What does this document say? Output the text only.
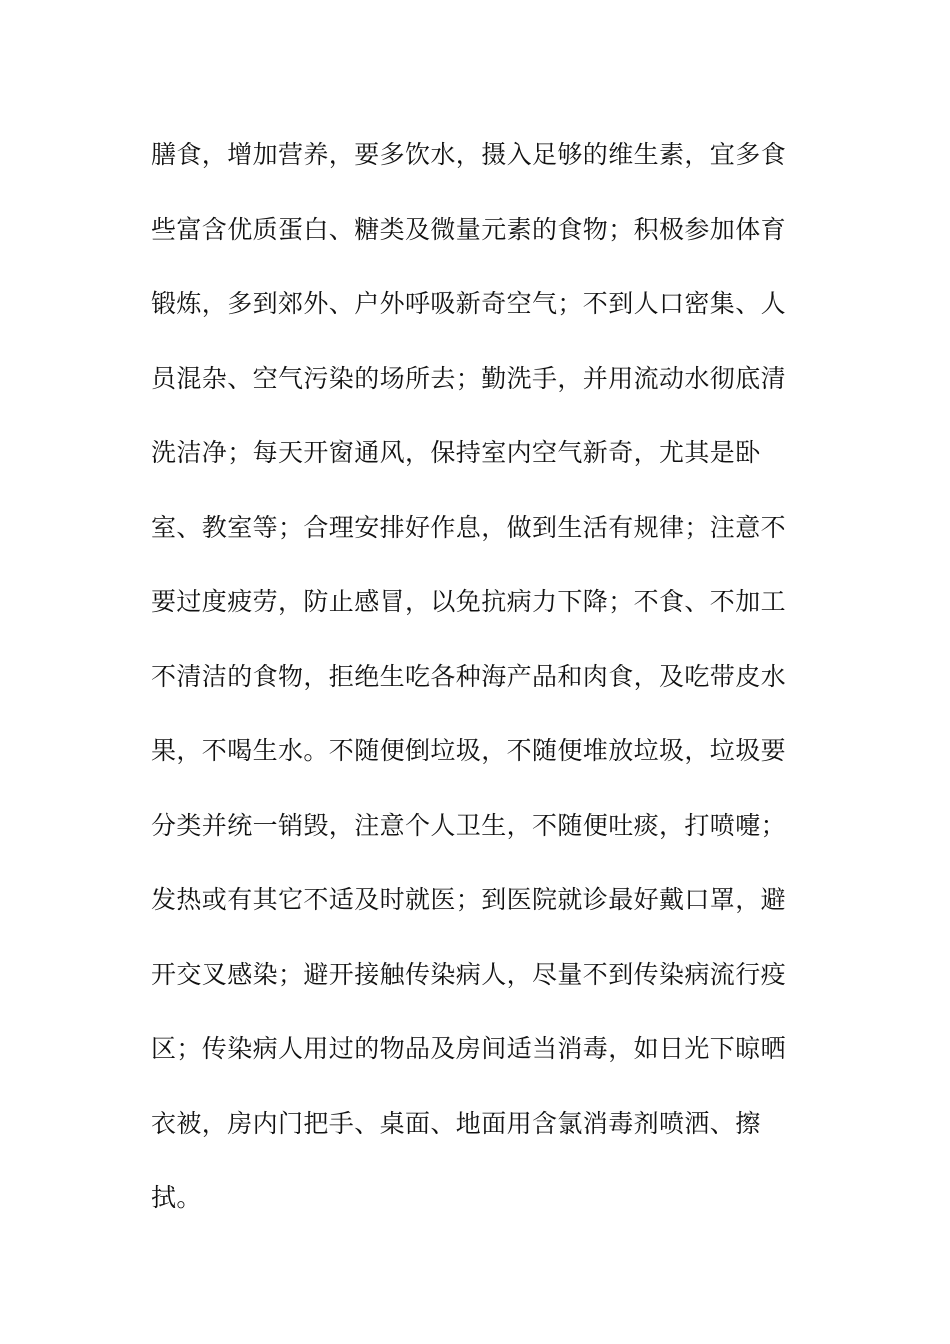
膳食，增加营养，要多饮水，摄入足够的维生素，宜多食
些富含优质蛋白、糖类及微量元素的食物；积极参加体育
锻炼，多到郊外、户外呼吸新奇空气；不到人口密集、人
员混杂、空气污染的场所去；勤洗手，并用流动水彻底清
洗洁净；每天开窗通风，保持室内空气新奇，尤其是卧
室、教室等；合理安排好作息，做到生活有规律；注意不
要过度疲劳，防止感冒，以免抗病力下降；不食、不加工
不清洁的食物，拒绝生吃各种海产品和肉食，及吃带皮水
果，不喝生水。不随便倒垃圾，不随便堆放垃圾，垃圾要
分类并统一销毁，注意个人卫生，不随便吐痰，打喷嚏；
发热或有其它不适及时就医；到医院就诊最好戴口罩，避
开交叉感染；避开接触传染病人，尽量不到传染病流行疫
区；传染病人用过的物品及房间适当消毒，如日光下晾晒
衣被，房内门把手、桌面、地面用含氯消毒剂喷洒、擦
拭。
